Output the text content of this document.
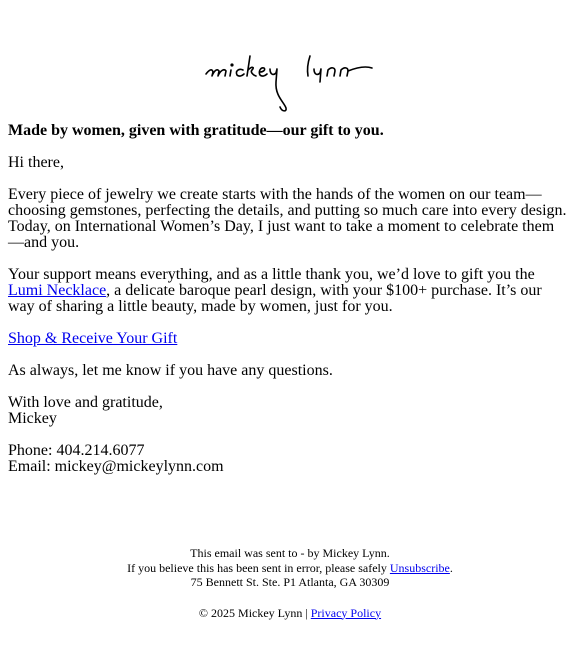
Made by women, given with gratitude—our gift to you.

Hi there,

Every piece of jewelry we create starts with the hands of the women on our team—choosing gemstones, perfecting the details, and putting so much care into every design. Today, on International Women’s Day, I just want to take a moment to celebrate them—and you.

Your support means everything, and as a little thank you, we’d love to gift you the Lumi Necklace, a delicate baroque pearl design, with your $100+ purchase. It’s our way of sharing a little beauty, made by women, just for you.

Shop & Receive Your Gift

As always, let me know if you have any questions.

With love and gratitude,
Mickey

Phone: 404.214.6077
Email: mickey@mickeylynn.com

This email was sent to - by Mickey Lynn.

If you believe this has been sent in error, please safely Unsubscribe.

75 Bennett St. Ste. P1 Atlanta, GA 30309

© 2025 Mickey Lynn | Privacy Policy
